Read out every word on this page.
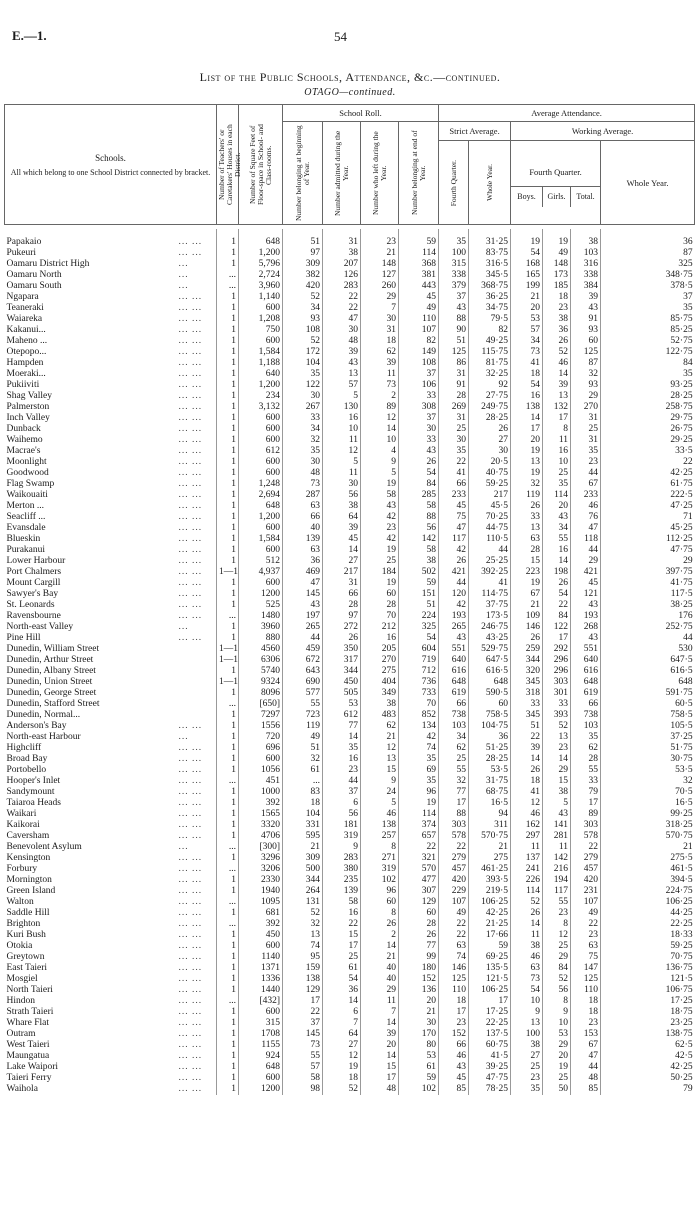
E.—1.	54
List of the Public Schools, Attendance, &c.—continued.
OTAGO—continued.
Schools.
All which belong to one School District connected by bracket.		Number of Teachers' or Caretakers' Houses in each District.	Number of Square Feet of Floor-space in School- and Class-rooms.	School Roll.				Average Attendance.					

				Number belonging at beginning of Year.	Number admitted during the Year.	Number who left during the Year.	Number belonging at end of Year.	Strict Average.		Working Average.			

								Fourth Quarter.	Whole Year.	Fourth Quarter.
Boys. Girls. Total.			Whole Year.

Papakaio	... ...	1	648	51	31	23	59	35	31·25	19	19	38	36
Pukeuri	... ...	1	1,200	97	38	21	114	100	83·75	54	49	103	87
Oamaru District High	...	1	5,796	309	207	148	368	315	316·5	168	148	316	325
Oamaru North	...	...	2,724	382	126	127	381	338	345·5	165	173	338	348·75
Oamaru South	...	...	3,960	420	283	260	443	379	368·75	199	185	384	378·5
Ngapara	... ...	1	1,140	52	22	29	45	37	36·25	21	18	39	37
Teaneraki	... ...	1	600	34	22	7	49	43	34·75	20	23	43	35
Waiareka	... ...	1	1,208	93	47	30	110	88	79·5	53	38	91	85·75
Kakanui...	... ...	1	750	108	30	31	107	90	82	57	36	93	85·25
Maheno ...	... ...	1	600	52	48	18	82	51	49·25	34	26	60	52·75
Otepopo...	... ...	1	1,584	172	39	62	149	125	115·75	73	52	125	122·75
Hampden	... ...	1	1,188	104	43	39	108	86	81·75	41	46	87	84
Moeraki...	... ...	1	640	35	13	11	37	31	32·25	18	14	32	35
Pukiiviti	... ...	1	1,200	122	57	73	106	91	92	54	39	93	93·25
Shag Valley	... ...	1	234	30	5	2	33	28	27·75	16	13	29	28·25
Palmerston	... ...	1	3,132	267	130	89	308	269	249·75	138	132	270	258·75
Inch Valley	... ...	1	600	33	16	12	37	31	28·25	14	17	31	29·75
Dunback	... ...	1	600	34	10	14	30	25	26	17	8	25	26·75
Waihemo	... ...	1	600	32	11	10	33	30	27	20	11	31	29·25
Macrae's	... ...	1	612	35	12	4	43	35	30	19	16	35	33·5
Moonlight	... ...	1	600	30	5	9	26	22	20·5	13	10	23	22
Goodwood	... ...	1	600	48	11	5	54	41	40·75	19	25	44	42·25
Flag Swamp	... ...	1	1,248	73	30	19	84	66	59·25	32	35	67	61·75
Waikouaiti	... ...	1	2,694	287	56	58	285	233	217	119	114	233	222·5
Merton ...	... ...	1	648	63	38	43	58	45	45·5	26	20	46	47·25
Seacliff ...	... ...	1	1,200	66	64	42	88	75	70·25	33	43	76	71
Evansdale	... ...	1	600	40	39	23	56	47	44·75	13	34	47	45·25
Blueskin	... ...	1	1,584	139	45	42	142	117	110·5	63	55	118	112·25
Purakanui	... ...	1	600	63	14	19	58	42	44	28	16	44	47·75
Lower Harbour	... ...	1	512	36	27	25	38	26	25·25	15	14	29	29
Port Chalmers	... ...	1—1	4,937	469	217	184	502	421	392·25	223	198	421	397·75
Mount Cargill	... ...	1	600	47	31	19	59	44	41	19	26	45	41·75
Sawyer's Bay	... ...	1	1200	145	66	60	151	120	114·75	67	54	121	117·5
St. Leonards	... ...	1	525	43	28	28	51	42	37·75	21	22	43	38·25
Ravensbourne	... ...	...	1480	197	97	70	224	193	173·5	109	84	193	176
North-east Valley	...	1	3960	265	272	212	325	265	246·75	146	122	268	252·75
Pine Hill	... ...	1	880	44	26	16	54	43	43·25	26	17	43	44
Dunedin, William Street		1—1	4560	459	350	205	604	551	529·75	259	292	551	530
Dunedin, Arthur Street		1—1	6306	672	317	270	719	640	647·5	344	296	640	647·5
Dunedin, Albany Street		1	5740	643	344	275	712	616	616·5	320	296	616	616·5
Dunedin, Union Street		1—1	9324	690	450	404	736	648	648	345	303	648	648
Dunedin, George Street		1	8096	577	505	349	733	619	590·5	318	301	619	591·75
Dunedin, Stafford Street		...	[650]	55	53	38	70	66	60	33	33	66	60·5
Dunedin, Normal...		1	7297	723	612	483	852	738	758·5	345	393	738	758·5
Anderson's Bay	... ...	1	1556	119	77	62	134	103	104·75	51	52	103	105·5
North-east Harbour	...	1	720	49	14	21	42	34	36	22	13	35	37·25
Highcliff	... ...	1	696	51	35	12	74	62	51·25	39	23	62	51·75
Broad Bay	... ...	1	600	32	16	13	35	25	28·25	14	14	28	30·75
Portobello	... ...	1	1056	61	23	15	69	55	53·5	26	29	55	53·5
Hooper's Inlet	... ...	...	451	...	44	9	35	32	31·75	18	15	33	32
Sandymount	... ...	1	1000	83	37	24	96	77	68·75	41	38	79	70·5
Taiaroa Heads	... ...	1	392	18	6	5	19	17	16·5	12	5	17	16·5
Waikari	... ...	1	1565	104	56	46	114	88	94	46	43	89	99·25
Kaikorai	... ...	1	3320	331	181	138	374	303	311	162	141	303	318·25
Caversham	... ...	1	4706	595	319	257	657	578	570·75	297	281	578	570·75
Benevolent Asylum	...	...	[300]	21	9	8	22	22	21	11	11	22	21
Kensington	... ...	1	3296	309	283	271	321	279	275	137	142	279	275·5
Forbury	... ...	...	3206	500	380	319	570	457	461·25	241	216	457	461·5
Mornington	... ...	1	2330	344	235	102	477	420	393·5	226	194	420	394·5
Green Island	... ...	1	1940	264	139	96	307	229	219·5	114	117	231	224·75
Walton	... ...	...	1095	131	58	60	129	107	106·25	52	55	107	106·25
Saddle Hill	... ...	1	681	52	16	8	60	49	42·25	26	23	49	44·25
Brighton	... ...	...	392	32	22	26	28	22	21·25	14	8	22	22·25
Kuri Bush	... ...	1	450	13	15	2	26	22	17·66	11	12	23	18·33
Otokia	... ...	1	600	74	17	14	77	63	59	38	25	63	59·25
Greytown	... ...	1	1140	95	25	21	99	74	69·25	46	29	75	70·75
East Taieri	... ...	1	1371	159	61	40	180	146	135·5	63	84	147	136·75
Mosgiel	... ...	1	1336	138	54	40	152	125	121·5	73	52	125	121·5
North Taieri	... ...	1	1440	129	36	29	136	110	106·25	54	56	110	106·75
Hindon	... ...	...	[432]	17	14	11	20	18	17	10	8	18	17·25
Strath Taieri	... ...	1	600	22	6	7	21	17	17·25	9	9	18	18·75
Whare Flat	... ...	1	315	37	7	14	30	23	22·25	13	10	23	23·25
Outram	... ...	1	1708	145	64	39	170	152	137·5	100	53	153	138·75
West Taieri	... ...	1	1155	73	27	20	80	66	60·75	38	29	67	62·5
Maungatua	... ...	1	924	55	12	14	53	46	41·5	27	20	47	42·5
Lake Waipori	... ...	1	648	57	19	15	61	43	39·25	25	19	44	42·25
Taieri Ferry	... ...	1	600	58	18	17	59	45	47·75	23	25	48	50·25
Waihola	... ...	1	1200	98	52	48	102	85	78·25	35	50	85	79
